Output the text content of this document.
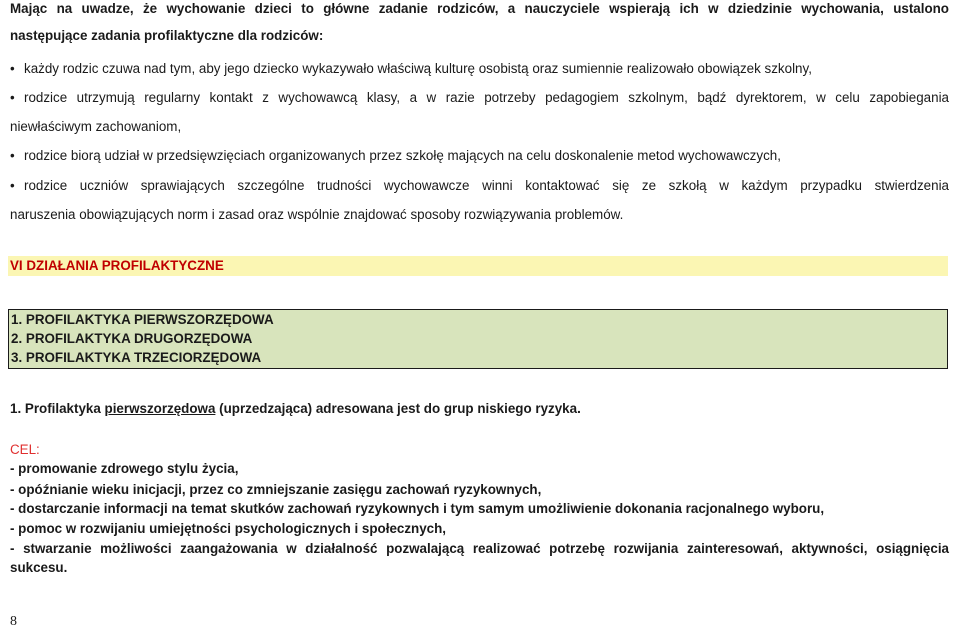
Mając na uwadze, że wychowanie dzieci to główne zadanie rodziców, a nauczyciele wspierają ich w dziedzinie wychowania, ustalono
następujące zadania profilaktyczne dla rodziców:
• każdy rodzic czuwa nad tym, aby jego dziecko wykazywało właściwą kulturę osobistą oraz sumiennie realizowało obowiązek szkolny,
• rodzice utrzymują regularny kontakt z wychowawcą klasy, a w razie potrzeby pedagogiem szkolnym, bądź dyrektorem, w celu zapobiegania
niewłaściwym zachowaniom,
• rodzice biorą udział w przedsięwzięciach organizowanych przez szkołę mających na celu doskonalenie metod wychowawczych,
• rodzice uczniów sprawiających szczególne trudności wychowawcze winni kontaktować się ze szkołą w każdym przypadku stwierdzenia
naruszenia obowiązujących norm i zasad oraz wspólnie znajdować sposoby rozwiązywania problemów.
VI DZIAŁANIA PROFILAKTYCZNE
1. PROFILAKTYKA PIERWSZORZĘDOWA
2. PROFILAKTYKA DRUGORZĘDOWA
3. PROFILAKTYKA TRZECIORZĘDOWA
1. Profilaktyka pierwszorzędowa (uprzedzająca) adresowana jest do grup niskiego ryzyka.
CEL:
- promowanie zdrowego stylu życia,
- opóźnianie wieku inicjacji, przez co zmniejszanie zasięgu zachowań ryzykownych,
- dostarczanie informacji na temat skutków zachowań ryzykownych i tym samym umożliwienie dokonania racjonalnego wyboru,
- pomoc w rozwijaniu umiejętności psychologicznych i społecznych,
- stwarzanie możliwości zaangażowania w działalność pozwalającą realizować potrzebę rozwijania zainteresowań, aktywności, osiągnięcia
sukcesu.
8
